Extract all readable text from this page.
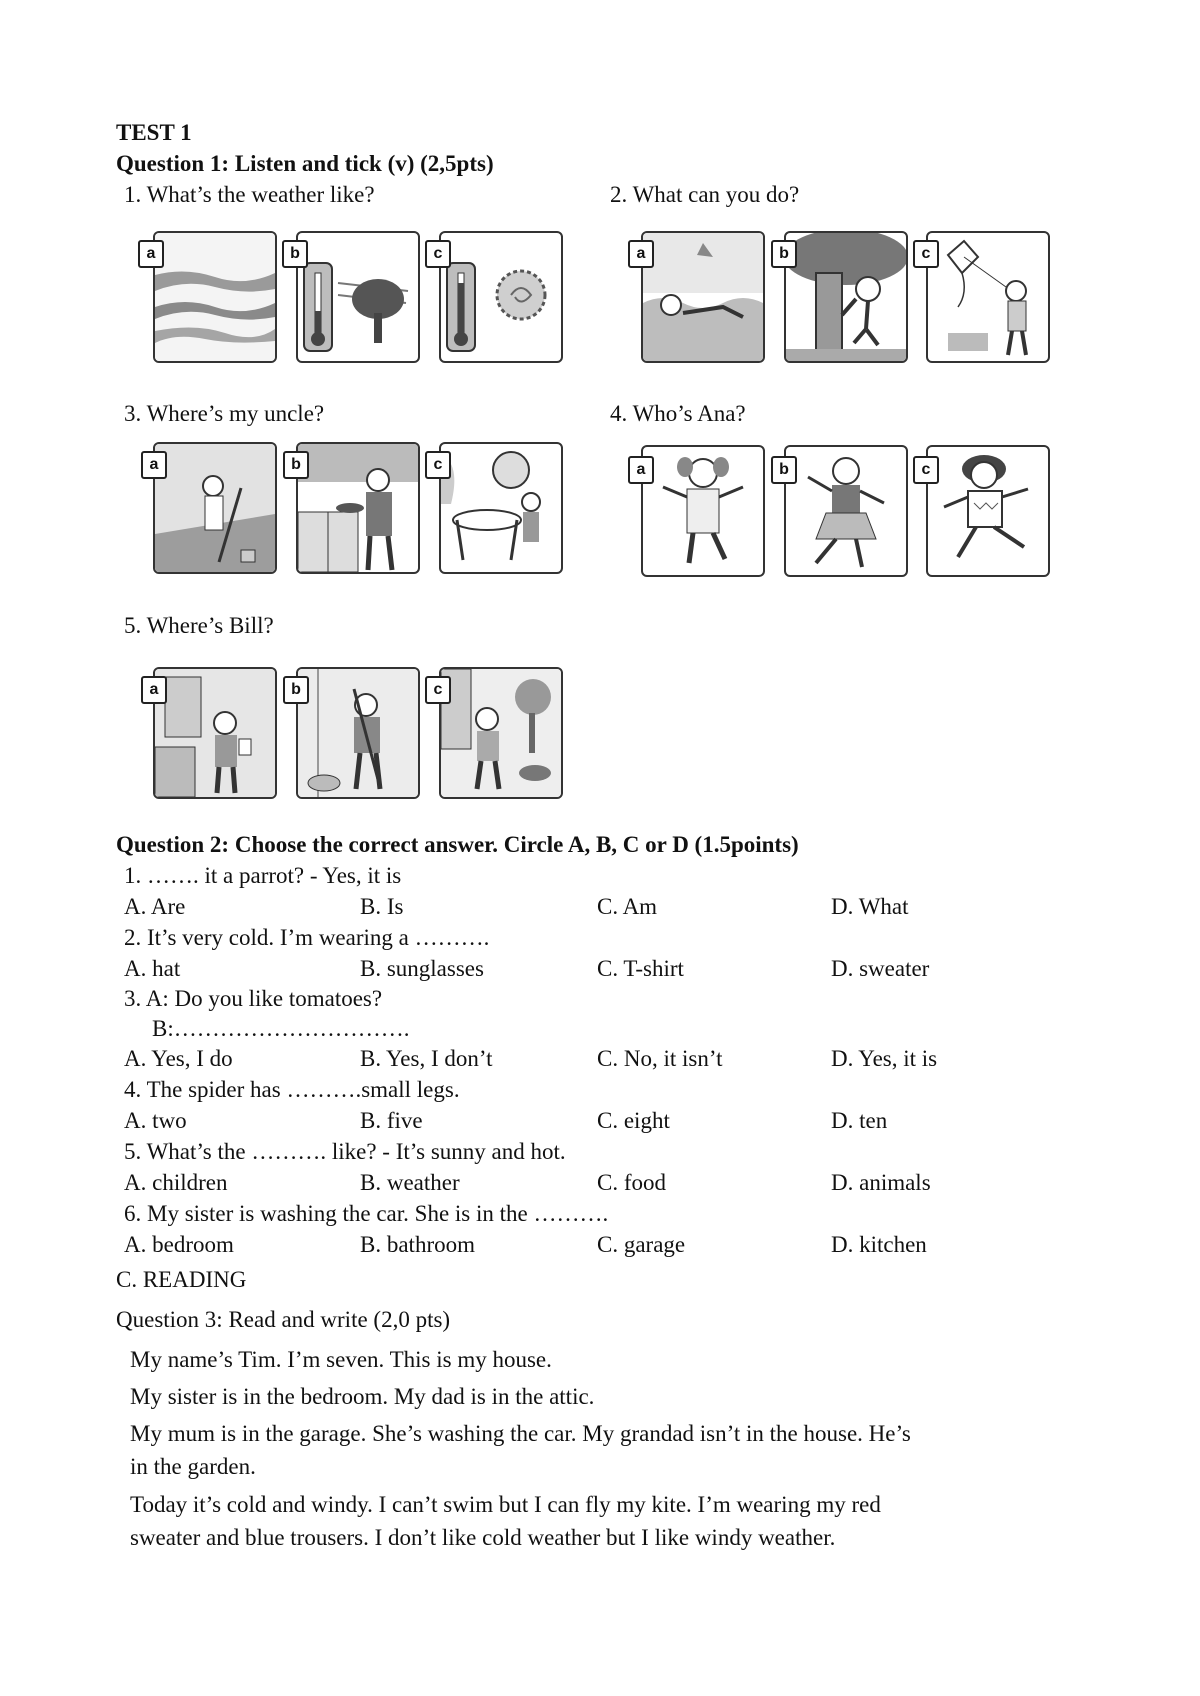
TEST 1
Question 1: Listen and tick (v) (2,5pts)
1. What’s the weather like?	2. What can you do?
3. Where’s my uncle?	4. Who’s Ana?
5. Where’s Bill?
a	b	c	a	b	c
a	b	c	a	b	c
a	b	c
Question 2: Choose the correct answer. Circle A, B, C or D (1.5points)
1. ……. it a parrot? - Yes, it is
A. Are	B. Is	C. Am	D. What
2. It’s very cold. I’m wearing a ……….
A. hat	B. sunglasses	C. T-shirt	D. sweater
3. A: Do you like tomatoes?
B:………………………….
A. Yes, I do	B. Yes, I don’t	C. No, it isn’t	D. Yes, it is
4. The spider has ……….small legs.
A. two	B. five	C. eight	D. ten
5. What’s the ………. like? - It’s sunny and hot.
A. children	B. weather	C. food	D. animals
6. My sister is washing the car. She is in the ……….
A. bedroom	B. bathroom	C. garage	D. kitchen
C. READING
Question 3: Read and write (2,0 pts)
My name’s Tim. I’m seven. This is my house.
My sister is in the bedroom. My dad is in the attic.
My mum is in the garage. She’s washing the car. My grandad isn’t in the house. He’s
in the garden.
Today it’s cold and windy. I can’t swim but I can fly my kite. I’m wearing my red
sweater and blue trousers. I don’t like cold weather but I like windy weather.
